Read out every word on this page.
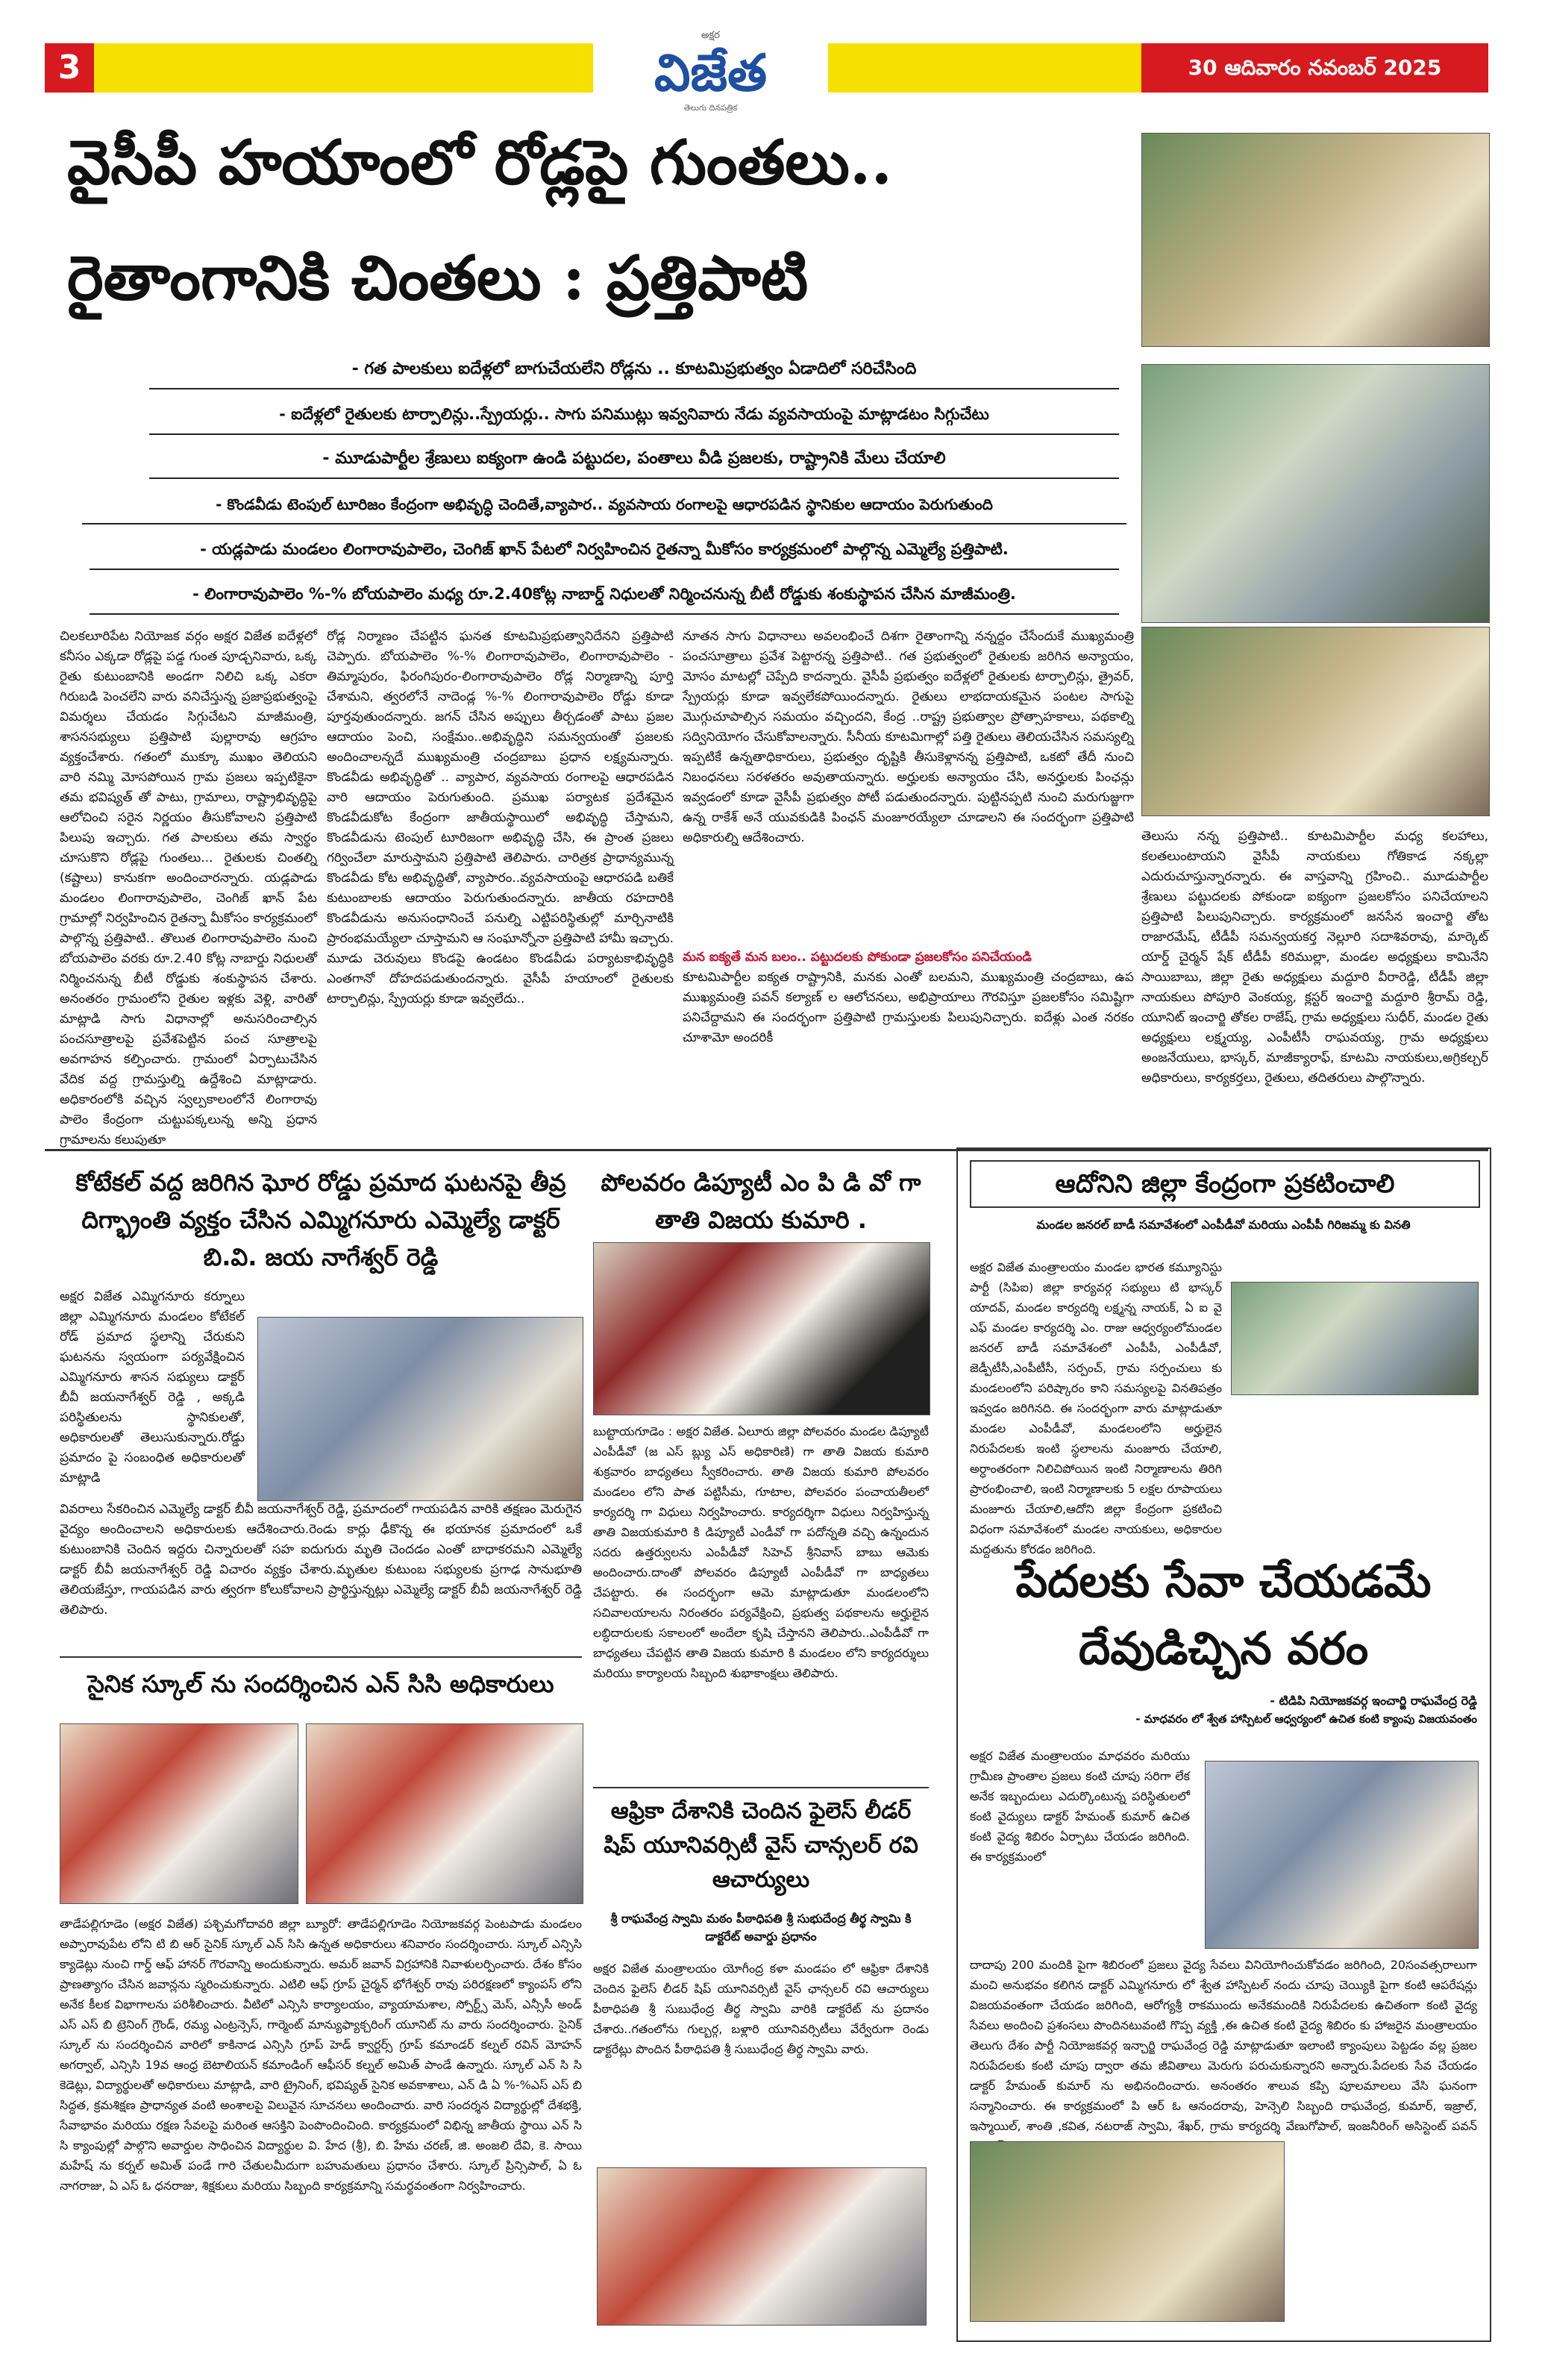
3
అక్షర
విజేత
తెలుగు దినపత్రిక
30 ఆదివారం నవంబర్ 2025
వైసీపీ హయాంలో రోడ్లపై గుంతలు..
రైతాంగానికి చింతలు : ప్రత్తిపాటి
- గత పాలకులు ఐదేళ్లలో బాగుచేయలేని రోడ్లను .. కూటమిప్రభుత్వం ఏడాదిలో సరిచేసింది
- ఐదేళ్లలో రైతులకు టార్పాలిన్లు..స్ప్రేయర్లు.. సాగు పనిముట్లు ఇవ్వనివారు నేడు వ్యవసాయంపై మాట్లాడటం సిగ్గుచేటు
- మూడుపార్టీల శ్రేణులు ఐక్యంగా ఉండి పట్టుదల, పంతాలు వీడి ప్రజలకు, రాష్ట్రానికి మేలు చేయాలి
- కొండవీడు టెంపుల్ టూరిజం కేంద్రంగా అభివృద్ధి చెందితే,వ్యాపార.. వ్యవసాయ రంగాలపై ఆధారపడిన స్థానికుల ఆదాయం పెరుగుతుంది
- యడ్లపాడు మండలం లింగారావుపాలెం, చెంగిజ్ ఖాన్ పేటలో నిర్వహించిన రైతన్నా మీకోసం కార్యక్రమంలో పాల్గొన్న ఎమ్మెల్యే ప్రత్తిపాటి.
- లింగారావుపాలెం %-% బోయపాలెం మధ్య రూ.2.40కోట్ల నాబార్డ్ నిధులతో నిర్మించనున్న బీటీ రోడ్డుకు శంకుస్థాపన చేసిన మాజీమంత్రి.
చిలకలూరిపేట నియోజక వర్గం అక్షర విజేత ఐదేళ్లలో కనీసం ఎక్కడా రోడ్లపై పడ్డ గుంత పూడ్చనివారు, ఒక్క రైతు కుటుంబానికి అండగా నిలిచి ఒక్క ఎకరా గిరుబడి పెంచలేని వారు వనిచేస్తున్న ప్రజాప్రభుత్వంపై విమర్శలు చేయడం సిగ్గుచేటని మాజీమంత్రి, శాసనసభ్యులు ప్రత్తిపాటి పుల్లారావు ఆగ్రహం వ్యక్తంచేశారు. గతంలో ముక్కూ ముఖం తెలియని వారి నమ్మి మోసపోయిన గ్రామ ప్రజలు ఇప్పటికైనా తమ భవిష్యత్ తో పాటు, గ్రామాలు, రాష్ట్రాభివృద్ధిపై ఆలోచించి సరైన నిర్ణయం తీసుకోవాలని ప్రత్తిపాటి పిలుపు ఇచ్చారు. గత పాలకులు తమ స్వార్థం చూసుకొని రోడ్లపై గుంతలు... రైతులకు చింతల్ని (కష్టాలు) కానుకగా అందించారన్నారు. యడ్లపాడు మండలం లింగారావుపాలెం, చెంగిజ్ ఖాన్ పేట గ్రామాల్లో నిర్వహించిన రైతన్నా మీకోసం కార్యక్రమంలో పాల్గొన్న ప్రత్తిపాటి.. తొలుత లింగారావుపాలెం నుంచి బోయపాలెం వరకు రూ.2.40 కోట్ల నాబార్డు నిధులతో నిర్మించనున్న బీటీ రోడ్డుకు శంకుస్థాపన చేశారు. అనంతరం గ్రామంలోని రైతుల ఇళ్లకు వెళ్లి, వారితో మాట్లాడి సాగు విధానాల్లో అనుసరించాల్సిన పంచసూత్రాలపై ప్రవేశపెట్టిన పంచ సూత్రాలపై అవగాహన కల్పించారు. గ్రామంలో ఏర్పాటుచేసిన వేదిక వద్ద గ్రామస్తుల్ని ఉద్దేశించి మాట్లాడారు. అధికారంలోకి వచ్చిన స్వల్పకాలంలోనే లింగారావు పాలెం కేంద్రంగా చుట్టుపక్కలున్న అన్ని ప్రధాన గ్రామాలను కలుపుతూ
రోడ్ల నిర్మాణం చేపట్టిన ఘనత కూటమిప్రభుత్వానిదేనని ప్రత్తిపాటి చెప్పారు. బోయపాలెం %-% లింగారావుపాలెం, లింగారావుపాలెం - తిమ్మాపురం, ఫిరంగిపురం-లింగారావుపాలెం రోడ్ల నిర్మాణాన్ని పూర్తి చేశామని, త్వరలోనే నాదెండ్ల %-% లింగారావుపాలెం రోడ్డు కూడా పూర్తవుతుందన్నారు. జగన్ చేసిన అప్పులు తీర్చడంతో పాటు ప్రజల ఆదాయం పెంచి, సంక్షేమం..అభివృద్ధిని సమన్వయంతో ప్రజలకు అందించాలన్నదే ముఖ్యమంత్రి చంద్రబాబు ప్రధాన లక్ష్యమన్నారు. కొండవీడు అభివృద్ధితో .. వ్యాపార, వ్యవసాయ రంగాలపై ఆధారపడిన వారి ఆదాయం పెరుగుతుంది. ప్రముఖ పర్యాటక ప్రదేశమైన కొండవీడుకోట కేంద్రంగా జాతీయస్థాయిలో అభివృద్ధి చేస్తామని, కొండవీడును టెంపుల్ టూరిజంగా అభివృద్ధి చేసి, ఈ ప్రాంత ప్రజలు గర్వించేలా మారుస్తామని ప్రత్తిపాటి తెలిపారు. చారిత్రక ప్రాధాన్యమున్న కొండవీడు కోట అభివృద్ధితో, వ్యాపారం..వ్యవసాయంపై ఆధారపడి బతికే కుటుంబాలకు ఆదాయం పెరుగుతుందన్నారు. జాతీయ రహదారికి కొండవీడును అనుసంధానించే పనుల్ని ఎట్టిపరిస్థితుల్లో మార్చినాటికి ప్రారంభమయ్యేలా చూస్తామని ఆ సంఘాన్నోనా ప్రత్తిపాటి హామీ ఇచ్చారు. మూడు చెరువులు కొండపై ఉండటం కొండవీడు పర్యాటకాభివృద్ధికి ఎంతగానో దోహదపడుతుందన్నారు. వైసీపీ హయాంలో రైతులకు టార్పాలిన్లు, స్ప్రేయర్లు కూడా ఇవ్వలేదు..
నూతన సాగు విధానాలు అవలంభించే దిశగా రైతాంగాన్ని నన్నద్దం చేసేందుకే ముఖ్యమంత్రి పంచసూత్రాలు ప్రవేశ పెట్టారన్న ప్రత్తిపాటి.. గత ప్రభుత్వంలో రైతులకు జరిగిన అన్యాయం, మోసం మాటల్లో చెప్పేది కాదన్నారు. వైసీపీ ప్రభుత్వం ఐదేళ్లలో రైతులకు టార్పాలిన్లు, త్రైవర్, స్ప్రేయర్లు కూడా ఇవ్వలేకపోయిందన్నారు. రైతులు లాభదాయకమైన పంటల సాగుపై మొగ్గుచూపాల్సిన సమయం వచ్చిందని, కేంద్ర ..రాష్ట్ర ప్రభుత్వాల ప్రోత్సాహకాలు, పథకాల్ని సద్వినియోగం చేసుకోవాలన్నారు. సీనీయ కూటమిగాల్లో పత్తి రైతులు తెలియచేసిన సమస్యల్ని ఇప్పటికే ఉన్నతాధికారులు, ప్రభుత్వం దృష్టికి తీసుకెళ్లానన్న ప్రత్తిపాటి, ఒకటో తేదీ నుంచి నిబంధనలు సరళతరం అవుతాయన్నారు. అర్హులకు అన్యాయం చేసి, అనర్హులకు పింఛన్లు ఇవ్వడంలో కూడా వైసీపీ ప్రభుత్వం పోటీ పడుతుందన్నారు. పుట్టినప్పటి నుంచి మరుగుజ్జుగా ఉన్న రాకేశ్ అనే యువకుడికి పింఛన్ మంజూరయ్యేలా చూడాలని ఈ సందర్భంగా ప్రత్తిపాటి అధికారుల్ని ఆదేశించారు.
మన ఐక్యతే మన బలం.. పట్టుదలకు పోకుండా ప్రజలకోసం పనిచేయండి
కూటమిపార్టీల ఐక్యత రాష్ట్రానికి, మనకు ఎంతో బలమని, ముఖ్యమంత్రి చంద్రబాబు, ఉప ముఖ్యమంత్రి పవన్ కల్యాణ్ ల ఆలోచనలు, అభిప్రాయాలు గౌరవిస్తూ ప్రజలకోసం సమిష్టిగా పనిచేద్దామని ఈ సందర్భంగా ప్రత్తిపాటి గ్రామస్తులకు పిలుపునిచ్చారు. ఐదేళ్లు ఎంత నరకం చూశామో అందరికీ
తెలుసు నన్న ప్రత్తిపాటి.. కూటమిపార్టీల మధ్య కలహాలు, కలతలుంటాయని వైసీపీ నాయకులు గోతికాడ నక్కల్లా ఎదురుచూస్తున్నారన్నారు. ఈ వాస్తవాన్ని గ్రహించి.. మూడుపార్టీల శ్రేణులు పట్టుదలకు పోకుండా ఐక్యంగా ప్రజలకోసం పనిచేయాలని ప్రత్తిపాటి పిలుపునిచ్చారు. కార్యక్రమంలో జనసేన ఇంచార్జి తోట రాజారమేష్, టీడీపీ సమన్వయకర్త నెల్లూరి సదాశివరావు, మార్కెట్ యార్డ్ చైర్మన్ షేక్ టీడీపీ కరిముల్లా, మండల అధ్యక్షులు కామినేని సాయిబాబు, జిల్లా రైతు అధ్యక్షులు మద్దూరి వీరారెడ్డి, టీడీపీ జిల్లా నాయకులు పోపూరి వెంకయ్య, క్లస్టర్ ఇంచార్జి మద్దూరి శ్రీరామ్ రెడ్డి, యూనిట్ ఇంచార్జి తోకల రాజేష్, గ్రామ అధ్యక్షులు సుధీర్, మండల రైతు అధ్యక్షులు లక్ష్మయ్య, ఎంపీటీసీ రాఘవయ్య, గ్రామ అధ్యక్షులు అంజనేయులు, భాస్కర్, మాజీక్యారాఫ్, కూటమి నాయకులు,అగ్రికల్చర్ అధికారులు, కార్యకర్తలు, రైతులు, తదితరులు పాల్గొన్నారు.
కోటేకల్ వద్ద జరిగిన ఘోర రోడ్డు ప్రమాద ఘటనపై తీవ్ర దిగ్భ్రాంతి వ్యక్తం చేసిన ఎమ్మిగనూరు ఎమ్మెల్యే డాక్టర్ బి.వి. జయ నాగేశ్వర్ రెడ్డి
అక్షర విజేత ఎమ్మిగనూరు కర్నూలు జిల్లా ఎమ్మిగనూరు మండలం కోటేకల్ రోడ్ ప్రమాద స్థలాన్ని చేరుకుని ఘటనను స్వయంగా పర్యవేక్షించిన ఎమ్మిగనూరు శాసన సభ్యులు డాక్టర్ బీవీ జయనాగేశ్వర్ రెడ్డి , అక్కడి పరిస్థితులను స్థానికులతో, అధికారులతో తెలుసుకున్నారు.రోడ్డు ప్రమాదం పై సంబంధిత అధికారులతో మాట్లాడి
వివరాలు సేకరించిన ఎమ్మెల్యే డాక్టర్ బీవీ జయనాగేశ్వర్ రెడ్డి, ప్రమాదంలో గాయపడిన వారికి తక్షణం మెరుగైన వైద్యం అందించాలని అధికారులకు ఆదేశించారు.రెండు కార్లు ఢీకొన్న ఈ భయానక ప్రమాదంలో ఒకే కుటుంబానికి చెందిన ఇద్దరు చిన్నారులతో సహ ఐదుగురు మృతి చెందడం ఎంతో బాధాకరమని ఎమ్మెల్యే డాక్టర్ బీవీ జయనాగేశ్వర్ రెడ్డి విచారం వ్యక్తం చేశారు.మృతుల కుటుంబ సభ్యులకు ప్రగాఢ సానుభూతి తెలియజేస్తూ, గాయపడిన వారు త్వరగా కోలుకోవాలని ప్రార్థిస్తున్నట్లు ఎమ్మెల్యే డాక్టర్ బీవీ జయనాగేశ్వర్ రెడ్డి తెలిపారు.
సైనిక స్కూల్ ను సందర్శించిన ఎన్ సిసి అధికారులు
తాడేపల్లిగూడెం (అక్షర విజేత) పశ్చిమగోదావరి జిల్లా బ్యూరో: తాడేపల్లిగూడెం నియోజకవర్గ పెంటపాడు మండలం అప్పారావుపేట లోని టి బి ఆర్ సైనిక్ స్కూల్ ఎన్ సిసి ఉన్నత అధికారులు శనివారం సందర్శించారు. స్కూల్ ఎన్సిసి క్యాడెట్లు నుంచి గార్డ్ ఆఫ్ హానర్ గౌరవాన్ని అందుకున్నారు. అమర్ జవాన్ విగ్రహానికి నివాళులర్పించారు. దేశం కోసం ప్రాణత్యాగం చేసిన జవాన్లను స్మరించుకున్నారు. ఎటిలి ఆఫ్ గ్రూప్ చైర్మన్ భోగేశ్వర్ రావు పరిరక్షణలో క్యాంపస్ లోని అనేక కీలక విభాగాలను పరిశీలించారు. వీటిలో ఎన్సిసి కార్యాలయం, వ్యాయామశాల, స్పోర్ట్స్ మెస్, ఎన్సీసీ అండ్ ఎస్ ఎస్ బి ట్రెనింగ్ గ్రౌండ్, రమ్య ఎంట్రన్సెస్, గార్మెంట్ మాన్యుఫ్యాక్చరింగ్ యూనిట్ ను వారు సందర్శించారు. సైనిక్ స్కూల్ ను సందర్శించిన వారిలో కాకినాడ ఎన్సిసి గ్రూప్ హెడ్ క్వార్టర్స్ గ్రూప్ కమాండర్ కల్నల్ రవిన్ మోహన్ అగర్వాల్, ఎన్సిసి 19వ ఆంధ్ర బెటాలియన్ కమాండింగ్ ఆఫీసర్ కల్నల్ అమిత్ పాండే ఉన్నారు. స్కూల్ ఎన్ సి సి కెడెట్లు, విద్యార్థులతో అధికారులు మాట్లాడి, వారి ట్రైనింగ్, భవిష్యత్ సైనిక అవకాశాలు, ఎన్ డి ఏ %-%ఎస్ ఎస్ బి సిద్ధత, క్రమశిక్షణ ప్రాధాన్యత వంటి అంశాలపై విలువైన సూచనలు అందించారు. వారి సందర్శన విద్యార్థుల్లో దేశభక్తి, సేవాభావం మరియు రక్షణ సేవలపై మరింత ఆసక్తిని పెంపొందించింది. కార్యక్రమంలో విభిన్న జాతీయ స్థాయి ఎన్ సి సి క్యాంపుల్లో పాల్గొని అవార్డుల సాధించిన విద్యార్థుల వి. హేద (శ్రీ), బి. హేమ చరణ్, జి. అంజలి దేవి, కె. సాయి మహేష్ ను కర్నల్ అమిత్ పండే గారి చేతులమీదుగా బహుమతులు ప్రధానం చేశారు. స్కూల్ ప్రిన్సిపాల్, ఏ ఓ నాగరాజు, ఏ ఎస్ ఓ ధనరాజు, శిక్షకులు మరియు సిబ్బంది కార్యక్రమాన్ని సమర్థవంతంగా నిర్వహించారు.
పోలవరం డిప్యూటీ ఎం పి డి వో గా తాతి విజయ కుమారి .
బుట్టాయగూడెం : అక్షర విజేత. ఏలూరు జిల్లా పోలవరం మండల డిప్యూటీ ఎంపీడీవో (జ ఎస్ బ్ల్యు ఎస్ అధికారిణి) గా తాతి విజయ కుమారి శుక్రవారం బాధ్యతలు స్వీకరించారు. తాతి విజయ కుమారి పోలవరం మండలం లోని పాత పట్టిసీమ, గూటాల, పోలవరం పంచాయతీలలో కార్యదర్శి గా విధులు నిర్వహించారు. కార్యదర్శిగా విధులు నిర్వహిస్తున్న తాతి విజయకుమారి కి డిప్యూటీ ఎండీవో గా పదోన్నతి వచ్చి ఉన్నందున సదరు ఉత్తర్వులను ఎంపీడీవో సిహెచ్ శ్రీనివాస్ బాబు ఆమెకు అందించారు.దాంతో పోలవరం డిప్యూటీ ఎంపీడీవో గా బాధ్యతలు చేపట్టారు. ఈ సందర్భంగా ఆమె మాట్లాడుతూ మండలంలోని సచివాలయాలను నిరంతరం పర్యవేక్షించి, ప్రభుత్వ పథకాలను అర్హులైన లబ్ధిదారులకు సకాలంలో అందేలా కృషి చేస్తానని తెలిపారు..ఎంపీడీవో గా బాధ్యతలు చేపట్టిన తాతి విజయ కుమారి కి మండలం లోని కార్యదర్శులు మరియు కార్యాలయ సిబ్బంది శుభాకాంక్షలు తెలిపారు.
ఆఫ్రికా దేశానికి చెందిన ఫైలెస్ లీడర్ షిప్ యూనివర్సిటీ వైస్ చాన్సలర్ రవి ఆచార్యులు
శ్రీ రాఘవేంద్ర స్వామి మఠం పీఠాధిపతి శ్రీ సుభుదేంద్ర తీర్థ స్వామి కి డాక్టరేట్ అవార్డు ప్రధానం
అక్షర విజేత మంత్రాలయం యోగీంద్ర కళా మండపం లో ఆఫ్రికా దేశానికి చెందిన ఫైలెస్ లీడర్ షిప్ యూనివర్సిటీ వైస్ ఛాన్సలర్ రవి ఆచార్యులు పీఠాధిపతి శ్రీ సుబుధేంద్ర తీర్థ స్వామి వారికి డాక్టరేట్ ను ప్రదానం చేశారు..గతంలోను గుల్బర్గ, బళ్లారి యూనివర్సిటీలు వేర్వేరుగా రెండు డాక్టరేట్లు పొందిన పీఠాధిపతి శ్రీ సుబుధేంద్ర తీర్థ స్వామి వారు.
ఆదోనిని జిల్లా కేంద్రంగా ప్రకటించాలి
మండల జనరల్ బాడీ సమావేశంలో ఎంపీడీవో మరియు ఎంపీపీ గిరిజమ్మ కు వినతి
అక్షర విజేత మంత్రాలయం మండల భారత కమ్యూనిస్టు పార్టీ (సిపిఐ) జిల్లా కార్యవర్గ సభ్యులు టి భాస్కర్ యాదవ్, మండల కార్యదర్శి లక్ష్మన్న నాయక్, ఏ ఐ వై ఎఫ్ మండల కార్యదర్శి ఎం. రాజు ఆధ్వర్యంలోమండల జనరల్ బాడీ సమావేశంలో ఎంపీపీ, ఎంపీడీవో, జెడ్పీటీసీ,ఎంపీటీసీ, సర్పంచ్, గ్రామ సర్పంచులు కు మండలంలోని పరిష్కారం కాని సమస్యలపై వినతిపత్రం ఇవ్వడం జరిగినది. ఈ సందర్భంగా వారు మాట్లాడుతూ మండల ఎంపీడీవో, మండలంలోని అర్హులైన నిరుపేదలకు ఇంటి స్థలాలను మంజూరు చేయాలి, అర్ధాంతరంగా నిలిచిపోయిన ఇంటి నిర్మాణాలను తిరిగి ప్రారంభించాలి, ఇంటి నిర్మాణాలకు 5 లక్షల రూపాయలు మంజూరు చేయాలి,ఆదోని జిల్లా కేంద్రంగా ప్రకటించి విధంగా సమావేశంలో మండల నాయకులు, అధికారుల మద్దతును కోరడం జరిగింది.
పేదలకు సేవా చేయడమే దేవుడిచ్చిన వరం
- టిడిపి నియోజకవర్గ ఇంచార్జి రాఘవేంద్ర రెడ్డి
- మాధవరం లో శ్వేత హాస్పిటల్ ఆధ్వర్యంలో ఉచిత కంటి క్యాంపు విజయవంతం
అక్షర విజేత మంత్రాలయం మాధవరం మరియు గ్రామీణ ప్రాంతాల ప్రజలు కంటి చూపు సరిగా లేక అనేక ఇబ్బందులు ఎదుర్కొంటున్న పరిస్థితులలో కంటి వైద్యులు డాక్టర్ హేమంత్ కుమార్ ఉచిత కంటి వైద్య శిబిరం ఏర్పాటు చేయడం జరిగింది. ఈ కార్యక్రమంలో
దాదాపు 200 మందికి పైగా శిబిరంలో ప్రజలు వైద్య సేవలు వినియోగించుకోవడం జరిగింది, 20సంవత్సరాలుగా మంచి అనుభవం కలిగిన డాక్టర్ ఎమ్మిగనూరు లో శ్వేత హాస్పిటల్ నందు చూపు చెయ్యికి పైగా కంటి ఆపరేషన్లు విజయవంతంగా చేయడం జరిగింది, ఆరోగ్యశ్రీ రాకముందు అనేకమందికి నిరుపేదలకు ఉచితంగా కంటి వైద్య సేవలు అందించి ప్రశంసలు పొందినటువంటి గొప్ప వ్యక్తి ,ఈ ఉచిత కంటి వైద్య శిబిరం కు హాజరైన మంత్రాలయం తెలుగు దేశం పార్టీ నియోజకవర్గ ఇన్చార్జి రాఘవేంద్ర రెడ్డి మాట్లాడుతూ ఇలాంటి క్యాంపులు పెట్టడం వల్ల ప్రజల నిరుపేదలకు కంటి చూపు ద్వారా తమ జీవితాలు మెరుగు పరుచుకున్నారని అన్నారు.పేదలకు సేవ చేయడం డాక్టర్ హేమంత్ కుమార్ ను అభినందించారు. అనంతరం శాలువ కప్పి పూలమాలలు వేసి ఘనంగా సన్మానించారు. ఈ కార్యక్రమంలో పి ఆర్ ఓ ఆనందరావు, హెన్సెలి సిబ్బంది రాఘవేంద్ర, కుమార్, ఇజ్రాల్, ఇస్మాయిల్, శాంతి ,కవిత, నటరాజ్ స్వామి, శేఖర్, గ్రామ కార్యదర్శి వేణుగోపాల్, ఇంజనీరింగ్ అసిస్టెంట్ పవన్
